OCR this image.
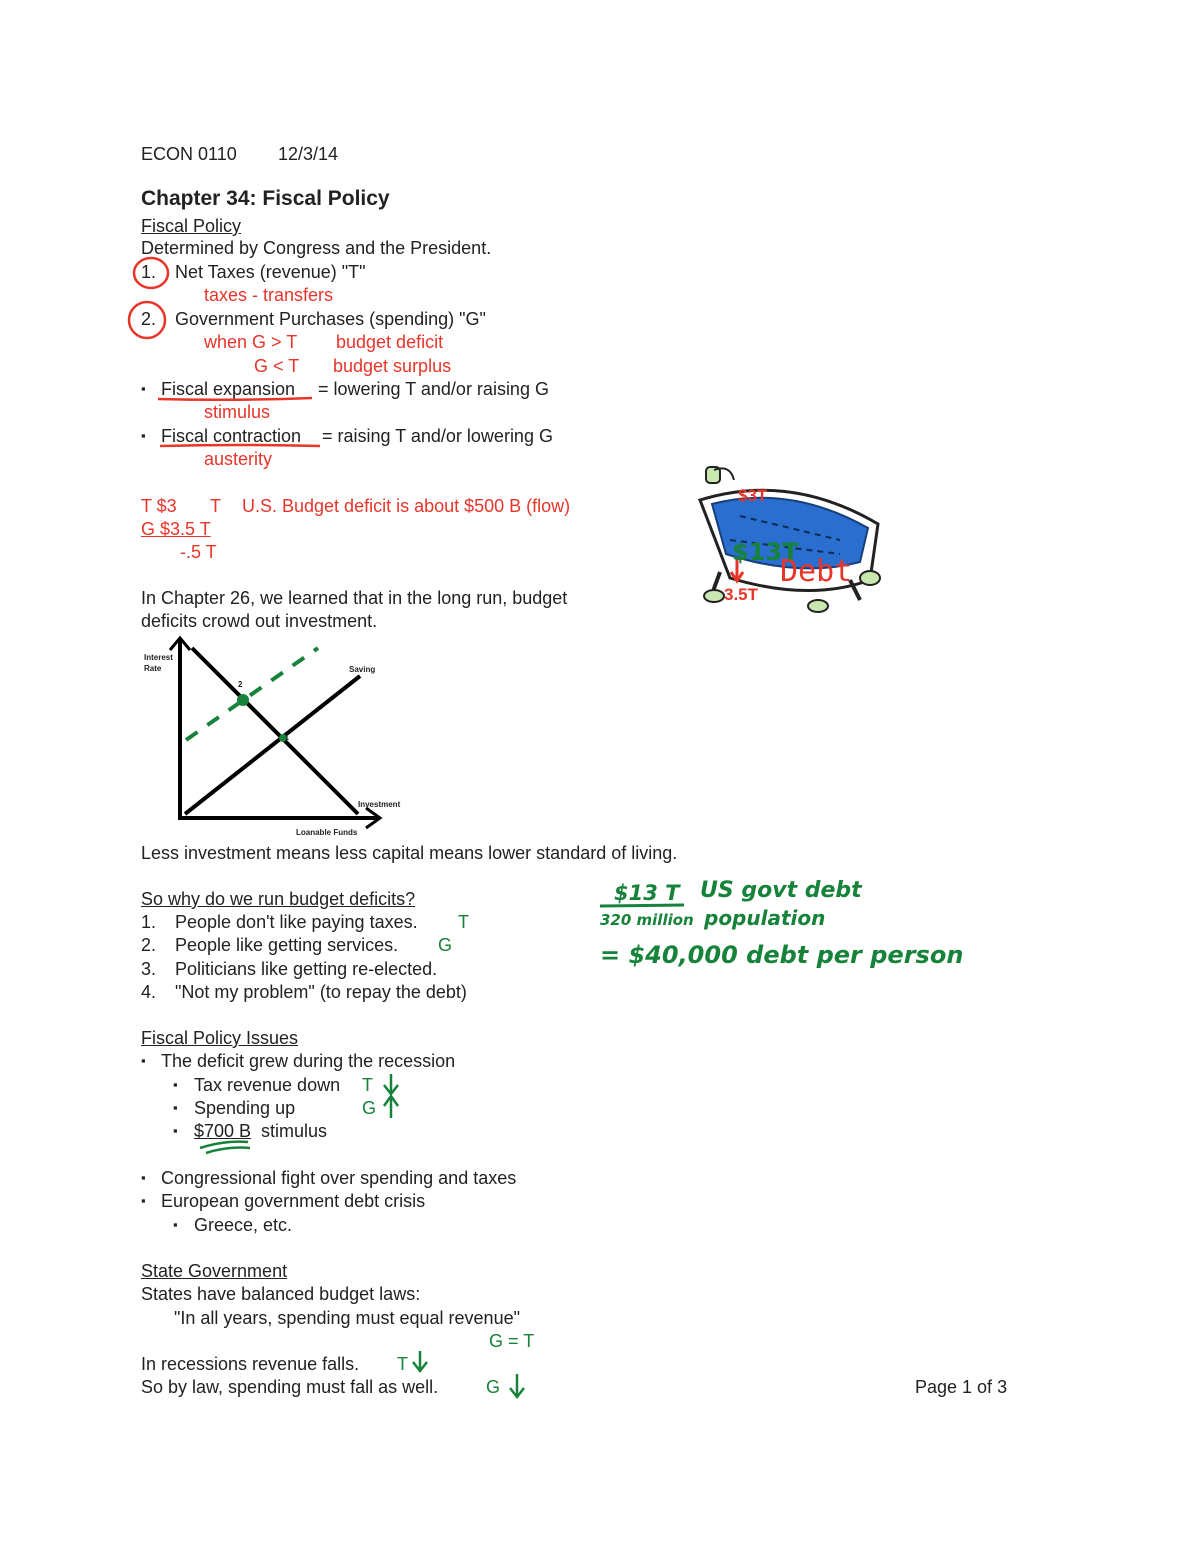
ECON 0110 12/3/14
Chapter 34: Fiscal Policy
Fiscal Policy
Determined by Congress and the President.
1. Net Taxes (revenue) "T"
taxes - transfers
2. Government Purchases (spending) "G"
when G > T budget deficit
G < T budget surplus
▪ Fiscal expansion = lowering T and/or raising G
stimulus
▪ Fiscal contraction = raising T and/or lowering G
austerity
T $3 T U.S. Budget deficit is about $500 B (flow)
G $3.5 T
-.5 T
$3T
$13T
Debt
3.5T
In Chapter 26, we learned that in the long run, budget
deficits crowd out investment.
Interest
Rate	Saving
Investment
Loanable Funds
2
1
Less investment means less capital means lower standard of living.
So why do we run budget deficits?
1. People don't like paying taxes. T
2. People like getting services. G
3. Politicians like getting re-elected.
4. "Not my problem" (to repay the debt)
$13 T US govt debt
320 million population
= $40,000 debt per person
Fiscal Policy Issues
▪ The deficit grew during the recession
▪ Tax revenue down T
▪ Spending up	G
▪ $700 B stimulus
▪ Congressional fight over spending and taxes
▪ European government debt crisis
▪ Greece, etc.
State Government
States have balanced budget laws:
"In all years, spending must equal revenue"
G = T
In recessions revenue falls. T
So by law, spending must fall as well.	G	Page 1 of 3
